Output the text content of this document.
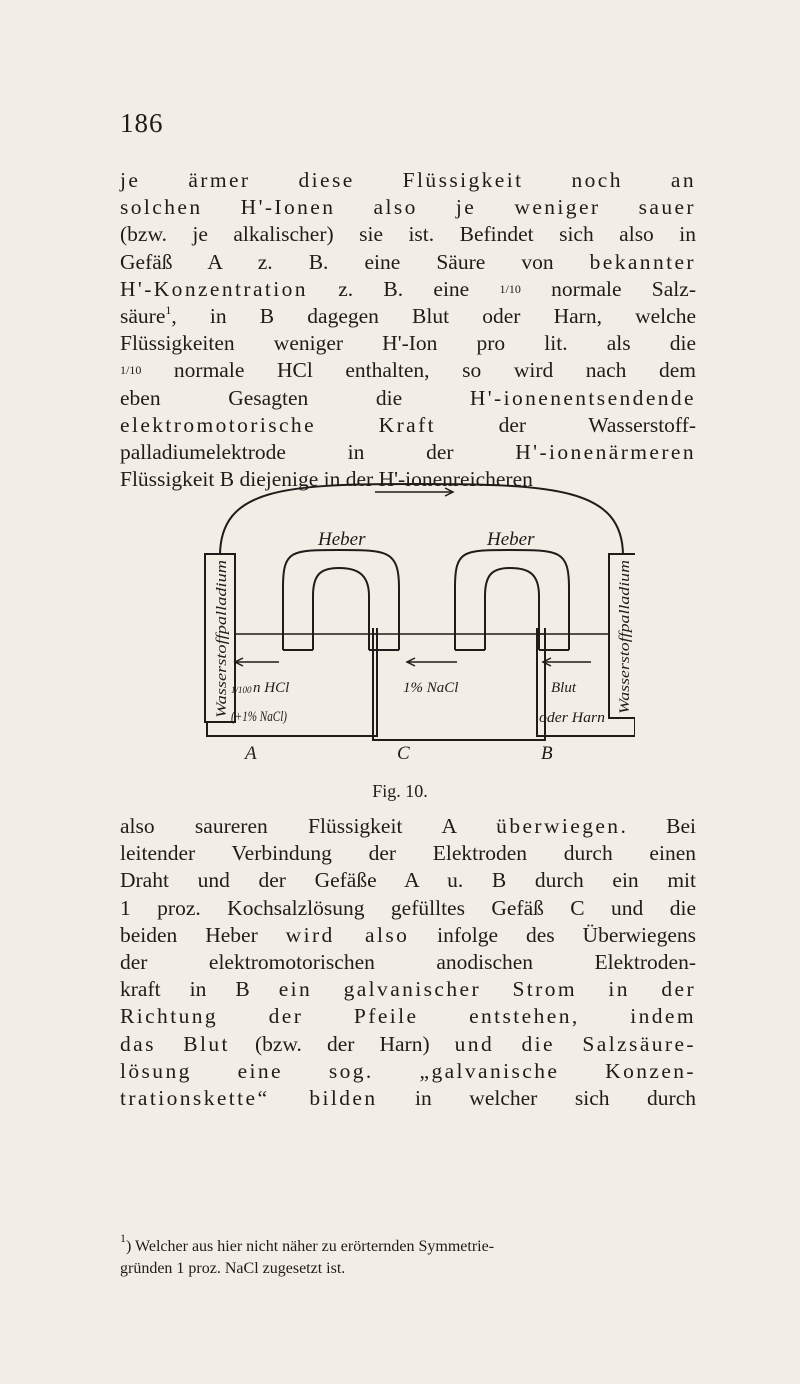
186
je ärmer diese Flüssigkeit noch an
solchen H'-Ionen also je weniger sauer
(bzw. je alkalischer) sie ist. Befindet sich also in
Gefäß A z. B. eine Säure von bekannter
H'-Konzentration z. B. eine 1/10 normale Salz-
säure$^1$, in B dagegen Blut oder Harn, welche
Flüssigkeiten weniger H'-Ion pro lit. als die
1/10 normale HCl enthalten, so wird nach dem
eben Gesagten die H'-ionenentsendende
elektromotorische	Kraft der Wasserstoff-
palladiumelektrode in der H'-ionenärmeren
Flüssigkeit B diejenige in der H'-ionenreicheren
Heber	Heber
Wasserstoffpalladium	Wasserstoffpalladium
1/100 n HCl
(+1% NaCl)
1% NaCl	Blut
oder Harn
A	C	B
Fig. 10.
also saureren Flüssigkeit A überwiegen. Bei
leitender Verbindung der Elektroden durch einen
Draht und der Gefäße A u. B durch ein mit
1 proz. Kochsalzlösung gefülltes Gefäß C und die
beiden Heber wird also infolge des Überwiegens
der elektromotorischen anodischen Elektroden-
kraft in B ein galvanischer Strom in der
Richtung der Pfeile entstehen, indem
das Blut (bzw. der Harn) und die Salzsäure-
lösung eine sog. „galvanische Konzen-
trationskette“ bilden in welcher sich durch
$^1$) Welcher aus hier nicht näher zu erörternden Symmetrie-
gründen 1 proz. NaCl zugesetzt ist.
